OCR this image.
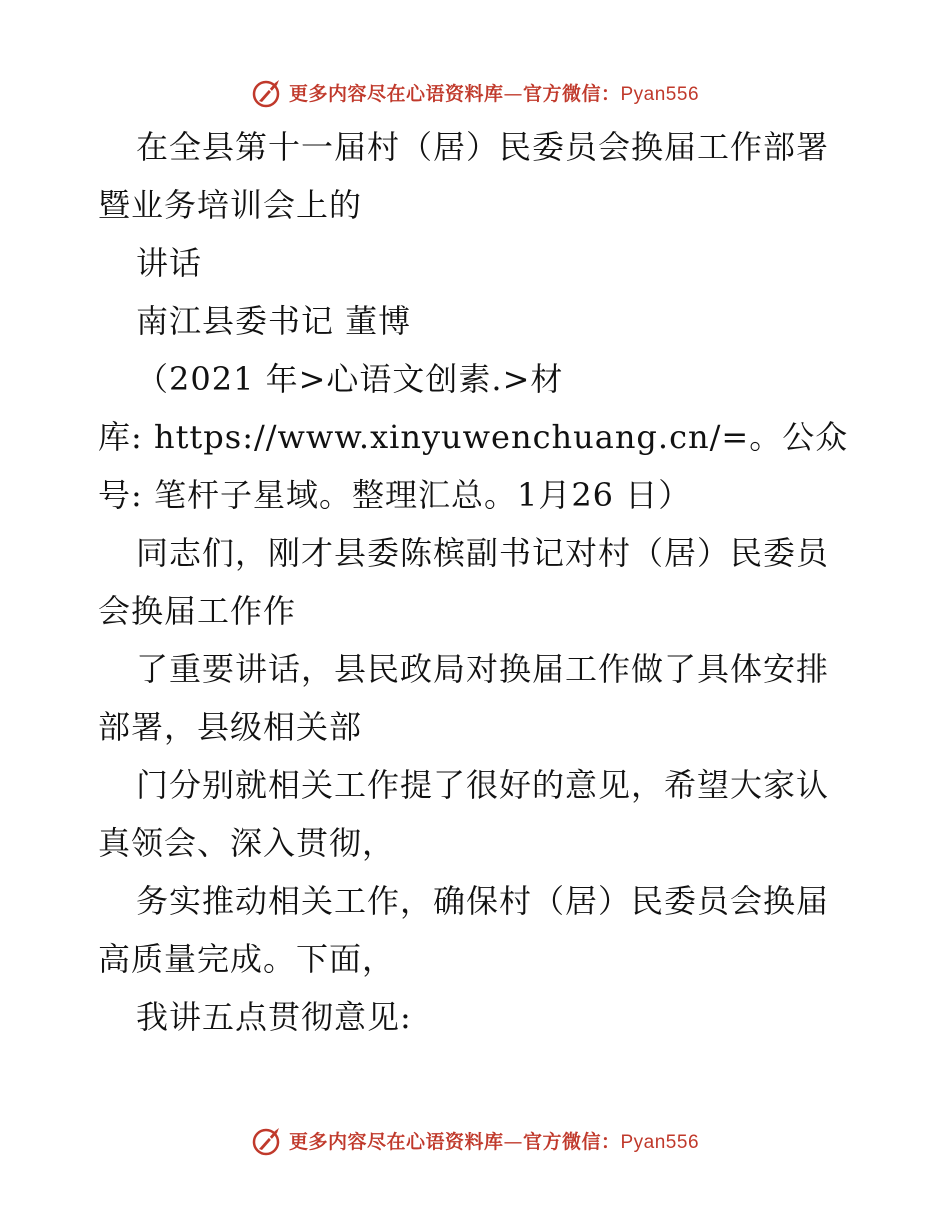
更多内容尽在心语资料库—官方微信：Pyan556
在全县第十一届村（居）民委员会换届工作部署
暨业务培训会上的
讲话
南江县委书记 董博
（2021 年>心语文创素.>材
库: https://www.xinyuwenchuang.cn/=。公众
号: 笔杆子星域。整理汇总。1月26 日）
同志们，刚才县委陈槟副书记对村（居）民委员
会换届工作作
了重要讲话，县民政局对换届工作做了具体安排
部署，县级相关部
门分别就相关工作提了很好的意见，希望大家认
真领会、深入贯彻，
务实推动相关工作，确保村（居）民委员会换届
高质量完成。下面，
我讲五点贯彻意见:
更多内容尽在心语资料库—官方微信：Pyan556
